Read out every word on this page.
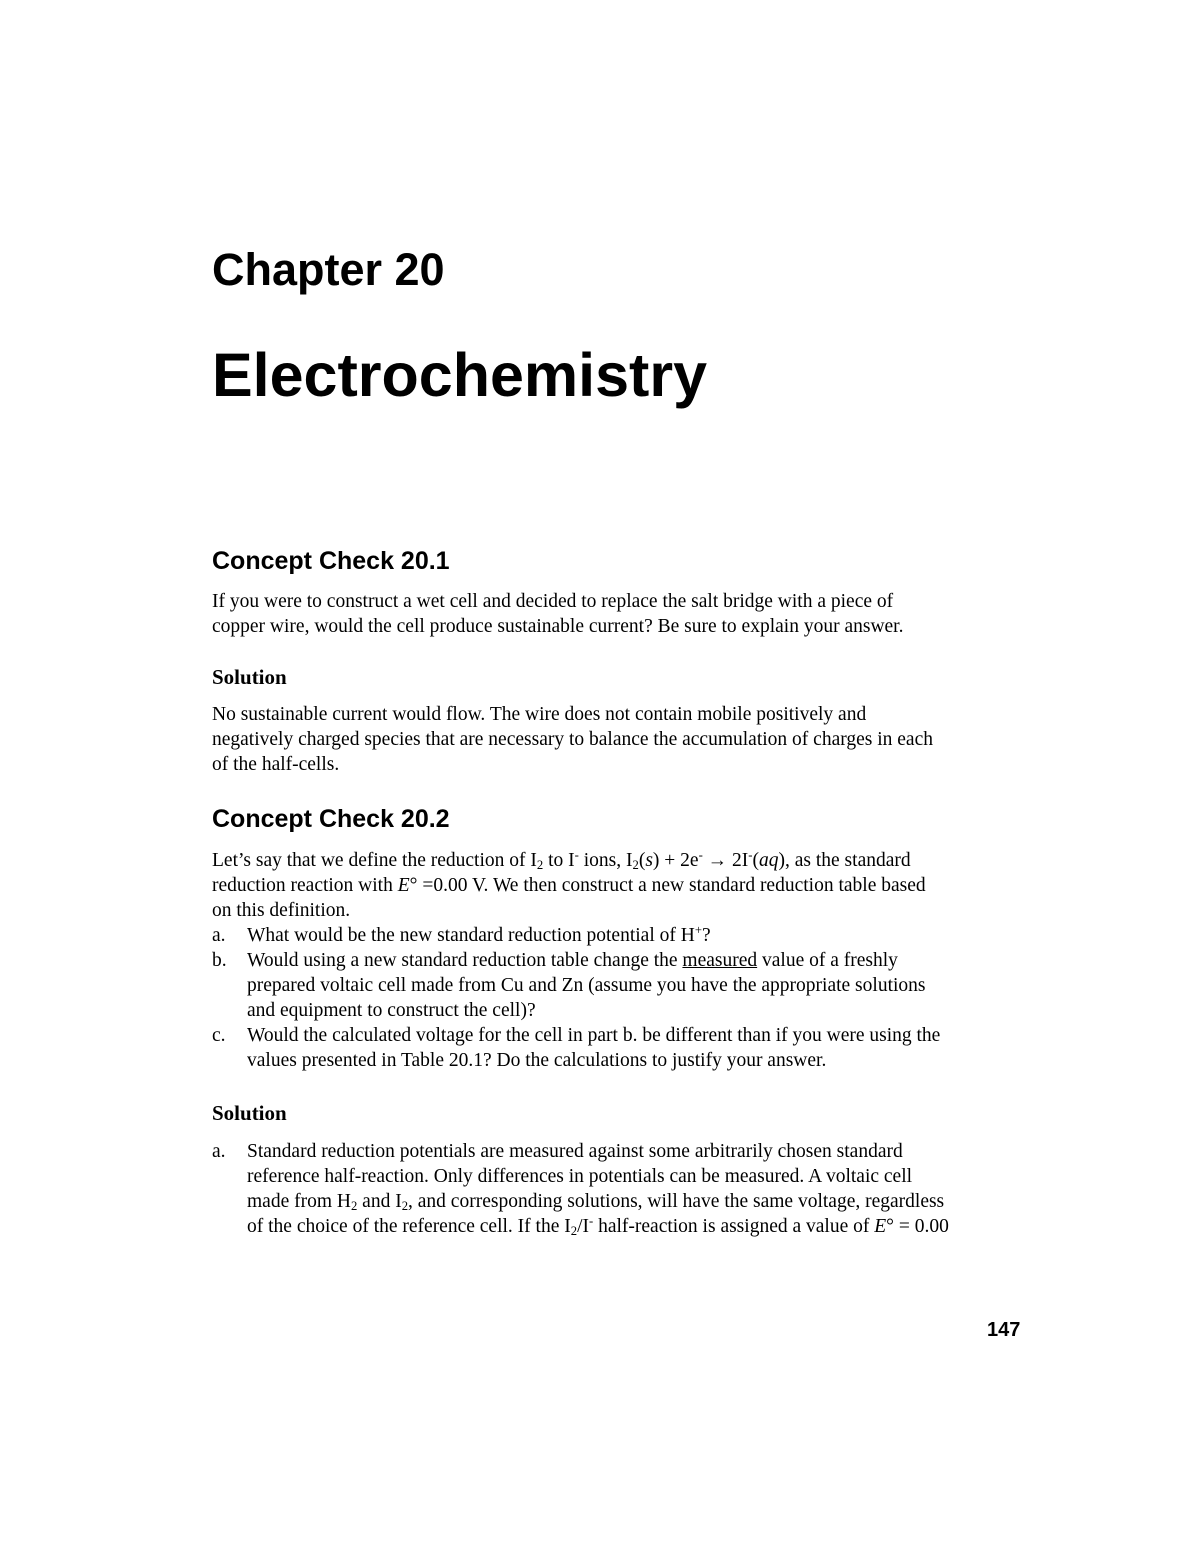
Chapter 20
Electrochemistry
Concept Check 20.1
If you were to construct a wet cell and decided to replace the salt bridge with a piece of
copper wire, would the cell produce sustainable current? Be sure to explain your answer.
Solution
No sustainable current would flow. The wire does not contain mobile positively and
negatively charged species that are necessary to balance the accumulation of charges in each
of the half-cells.
Concept Check 20.2
Let’s say that we define the reduction of $I_2$ to I- ions, $I_2(s) + 2e^- \to 2I^-(aq)$, as the standard
reduction reaction with E° =0.00 V. We then construct a new standard reduction table based
on this definition.
a. What would be the new standard reduction potential of H+?
b. Would using a new standard reduction table change the measured value of a freshly
prepared voltaic cell made from Cu and Zn (assume you have the appropriate solutions
and equipment to construct the cell)?
c. Would the calculated voltage for the cell in part b. be different than if you were using the
values presented in Table 20.1? Do the calculations to justify your answer.
Solution
a. Standard reduction potentials are measured against some arbitrarily chosen standard
reference half-reaction. Only differences in potentials can be measured. A voltaic cell
made from $H_2$ and $I_2$, and corresponding solutions, will have the same voltage, regardless
of the choice of the reference cell. If the $I_2/I^-$ half-reaction is assigned a value of E° = 0.00
147
